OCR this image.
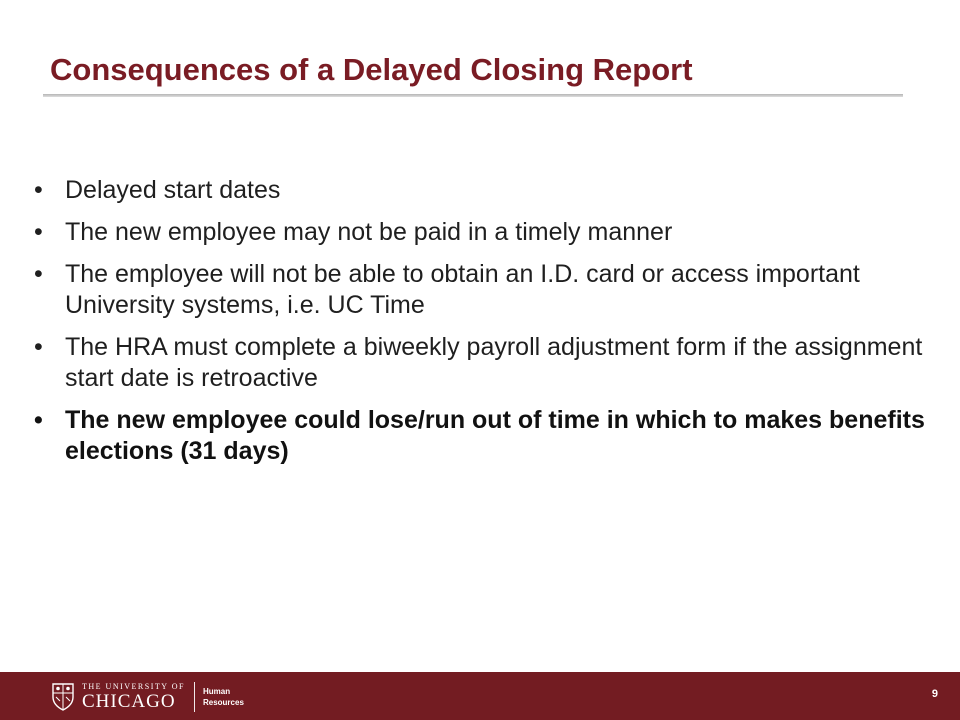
Consequences of a Delayed Closing Report
• Delayed start dates
• The new employee may not be paid in a timely manner
• The employee will not be able to obtain an I.D. card or access important University systems, i.e. UC Time
• The HRA must complete a biweekly payroll adjustment form if the assignment start date is retroactive
• The new employee could lose/run out of time in which to makes benefits elections (31 days)
THE UNIVERSITY OF
CHICAGO	Human
Resources
9
